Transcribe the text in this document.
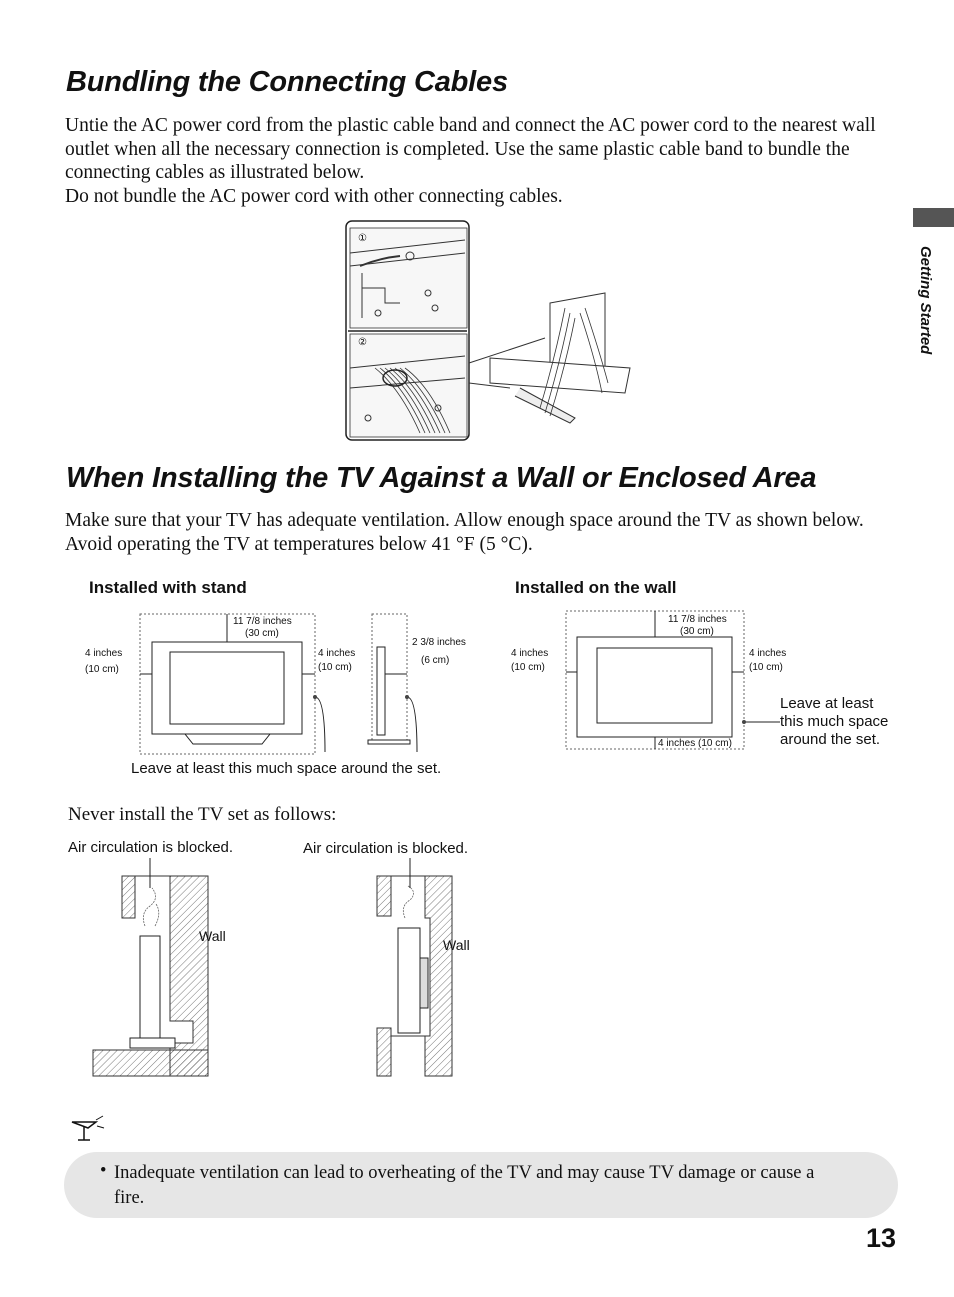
Bundling the Connecting Cables

Untie the AC power cord from the plastic cable band and connect the AC power cord to the nearest wall outlet when all the necessary connection is completed. Use the same plastic cable band to bundle the connecting cables as illustrated below.

Do not bundle the AC power cord with other connecting cables.

①
②
When Installing the TV Against a Wall or Enclosed Area
Make sure that your TV has adequate ventilation. Allow enough space around the TV as shown below. Avoid operating the TV at temperatures below 41 °F (5 °C).
Installed with stand
11 7/8 inches
(30 cm)
4 inches
(10 cm)
4 inches
(10 cm)
2 3/8 inches
(6 cm)
Leave at least this much space around the set.
Installed on the wall
11 7/8 inches
(30 cm)
4 inches
(10 cm)
4 inches
(10 cm)
4 inches (10 cm)
Leave at least
this much space
around the set.
Never install the TV set as follows:
Air circulation is blocked.	Air circulation is blocked.
Wall
Wall
• Inadequate ventilation can lead to overheating of the TV and may cause TV damage or cause a fire.
Getting Started
13
